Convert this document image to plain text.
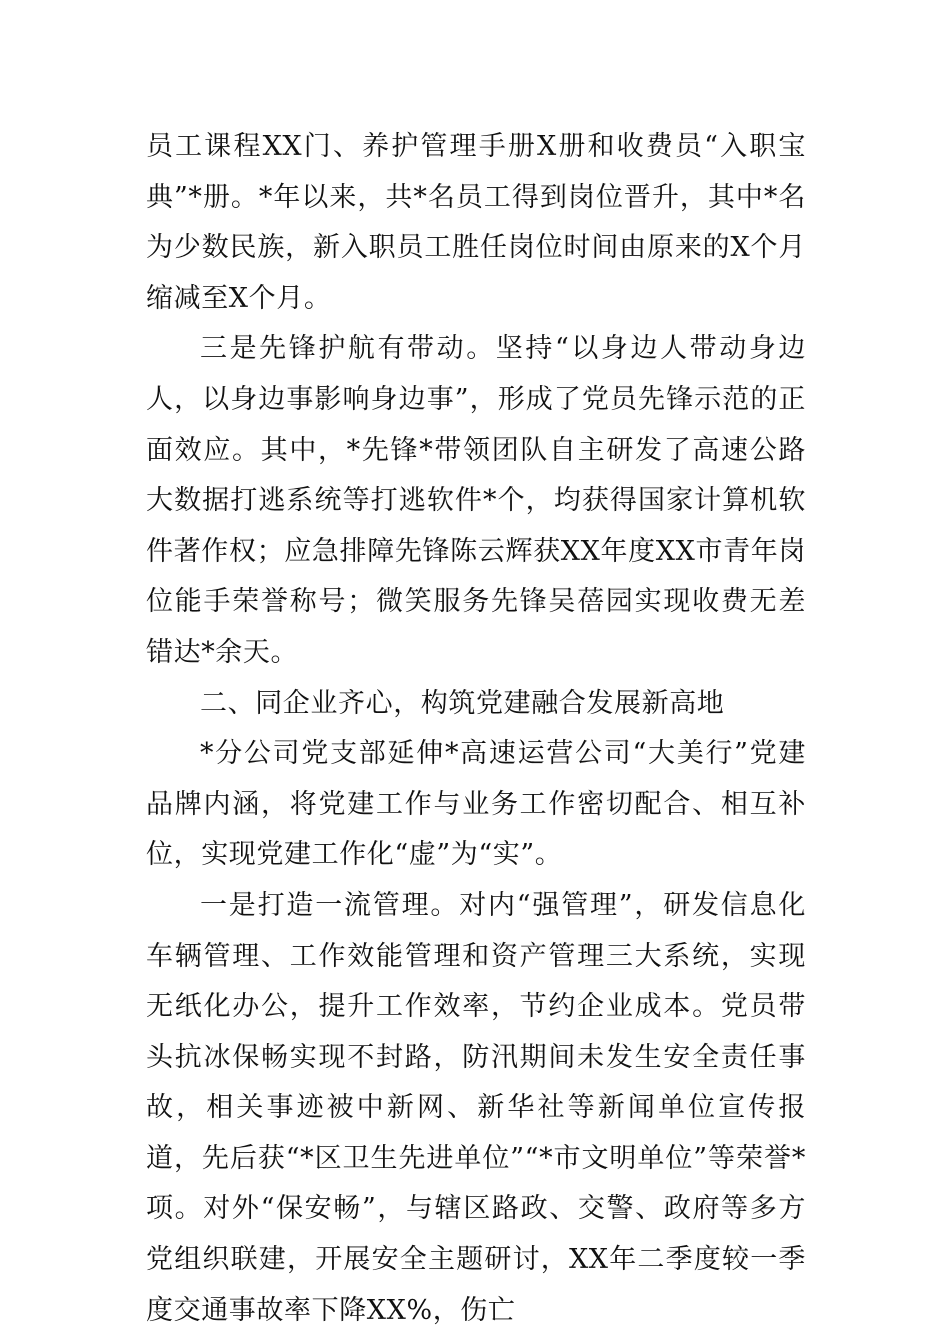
员工课程XX门、养护管理手册X册和收费员“入职宝典”*册。*年以来，共*名员工得到岗位晋升，其中*名为少数民族，新入职员工胜任岗位时间由原来的X个月缩减至X个月。

三是先锋护航有带动。坚持“以身边人带动身边人，以身边事影响身边事”，形成了党员先锋示范的正面效应。其中，*先锋*带领团队自主研发了高速公路大数据打逃系统等打逃软件*个，均获得国家计算机软件著作权；应急排障先锋陈云辉获XX年度XX市青年岗位能手荣誉称号；微笑服务先锋吴蓓园实现收费无差错达*余天。

二、同企业齐心，构筑党建融合发展新高地

*分公司党支部延伸*高速运营公司“大美行”党建品牌内涵，将党建工作与业务工作密切配合、相互补位，实现党建工作化“虚”为“实”。

一是打造一流管理。对内“强管理”，研发信息化车辆管理、工作效能管理和资产管理三大系统，实现无纸化办公，提升工作效率，节约企业成本。党员带头抗冰保畅实现不封路，防汛期间未发生安全责任事故，相关事迹被中新网、新华社等新闻单位宣传报道，先后获“*区卫生先进单位”“*市文明单位”等荣誉*项。对外“保安畅”，与辖区路政、交警、政府等多方党组织联建，开展安全主题研讨，XX年二季度较一季度交通事故率下降XX%，伤亡
